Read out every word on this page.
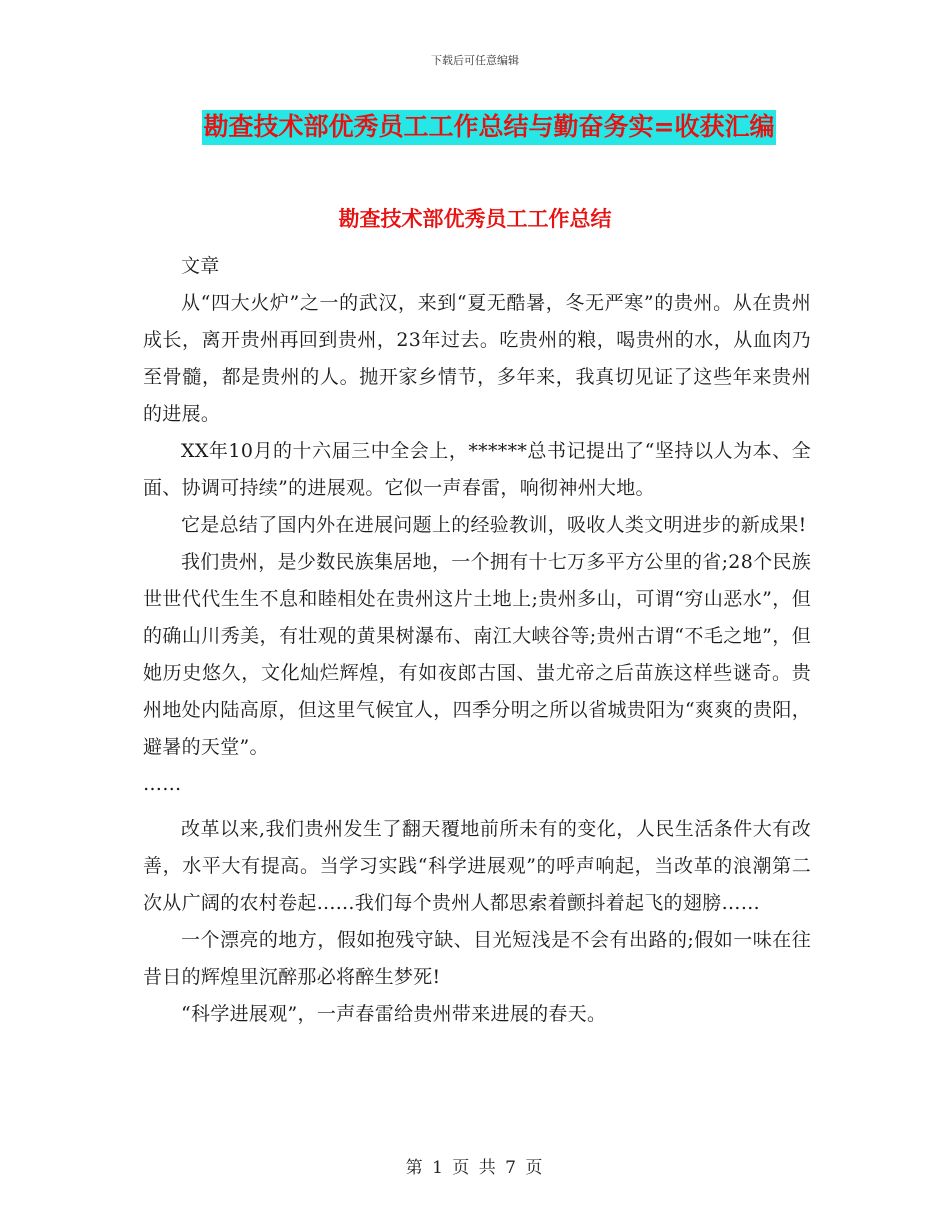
下载后可任意编辑
勘查技术部优秀员工工作总结与勤奋务实=收获汇编
勘查技术部优秀员工工作总结

文章

从“四大火炉”之一的武汉，来到“夏无酷暑，冬无严寒”的贵州。从在贵州成长，离开贵州再回到贵州，23年过去。吃贵州的粮，喝贵州的水，从血肉乃至骨髓，都是贵州的人。抛开家乡情节，多年来，我真切见证了这些年来贵州的进展。

XX年10月的十六届三中全会上，******总书记提出了“坚持以人为本、全面、协调可持续”的进展观。它似一声春雷，响彻神州大地。

它是总结了国内外在进展问题上的经验教训，吸收人类文明进步的新成果!

我们贵州，是少数民族集居地，一个拥有十七万多平方公里的省;28个民族世世代代生生不息和睦相处在贵州这片土地上;贵州多山，可谓“穷山恶水”，但的确山川秀美，有壮观的黄果树瀑布、南江大峡谷等;贵州古谓“不毛之地”，但她历史悠久，文化灿烂辉煌，有如夜郎古国、蚩尤帝之后苗族这样些谜奇。贵州地处内陆高原，但这里气候宜人，四季分明之所以省城贵阳为“爽爽的贵阳，避暑的天堂”。

……

改革以来,我们贵州发生了翻天覆地前所未有的变化，人民生活条件大有改善，水平大有提高。当学习实践“科学进展观”的呼声响起，当改革的浪潮第二次从广阔的农村卷起......我们每个贵州人都思索着颤抖着起飞的翅膀……

一个漂亮的地方，假如抱残守缺、目光短浅是不会有出路的;假如一味在往昔日的辉煌里沉醉那必将醉生梦死!

“科学进展观”，一声春雷给贵州带来进展的春天。

第 1 页 共 7 页
